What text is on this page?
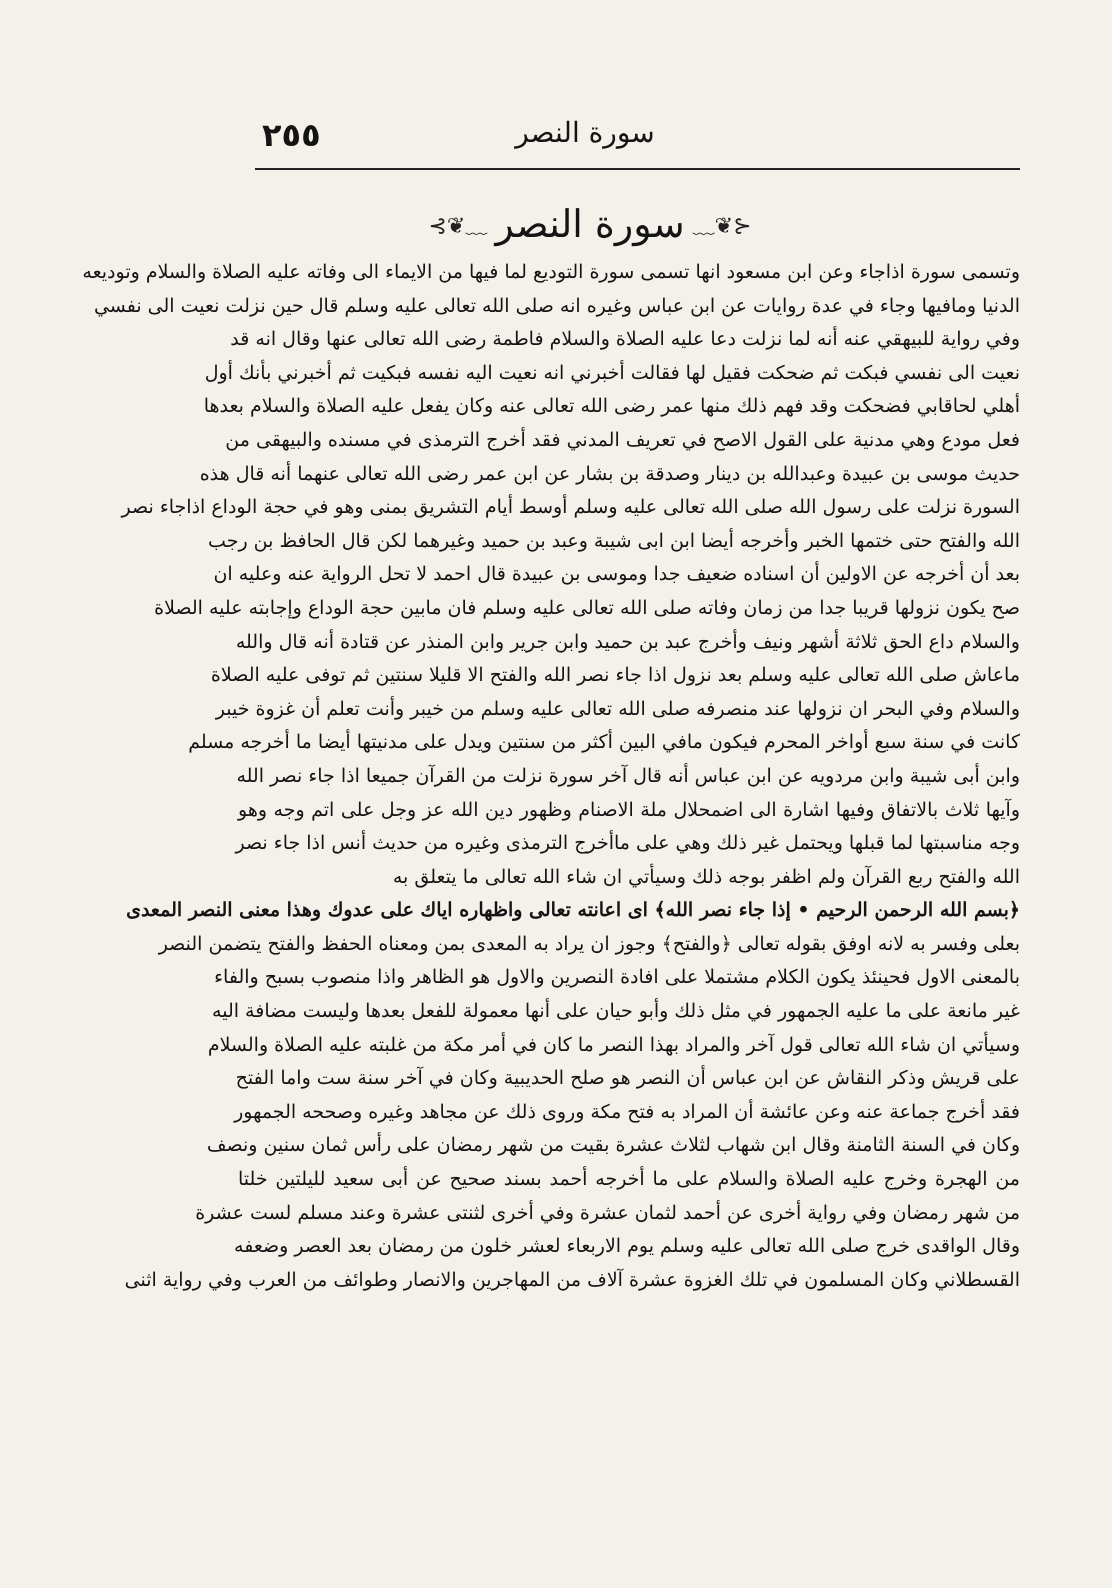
٢٥٥	سورة النصر
⊰❦﹏ سورة النصر ﹏❦⊱
وتسمى سورة اذاجاء وعن ابن مسعود انها تسمى سورة التوديع لما فيها من الايماء الى وفاته عليه الصلاة والسلام وتوديعه
الدنيا ومافيها وجاء في عدة روايات عن ابن عباس وغيره انه صلى الله تعالى عليه وسلم قال حين نزلت نعيت الى نفسي
وفي رواية للبيهقي عنه أنه لما نزلت دعا عليه الصلاة والسلام فاطمة رضى الله تعالى عنها وقال انه قد
نعيت الى نفسي فبكت ثم ضحكت فقيل لها فقالت أخبرني انه نعيت اليه نفسه فبكيت ثم أخبرني بأنك أول
أهلي لحاقابي فضحكت وقد فهم ذلك منها عمر رضى الله تعالى عنه وكان يفعل عليه الصلاة والسلام بعدها
فعل مودع وهي مدنية على القول الاصح في تعريف المدني فقد أخرج الترمذى في مسنده والبيهقى من
حديث موسى بن عبيدة وعبدالله بن دينار وصدقة بن بشار عن ابن عمر رضى الله تعالى عنهما أنه قال هذه
السورة نزلت على رسول الله صلى الله تعالى عليه وسلم أوسط أيام التشريق بمنى وهو في حجة الوداع اذاجاء نصر
الله والفتح حتى ختمها الخبر وأخرجه أيضا ابن ابى شيبة وعبد بن حميد وغيرهما لكن قال الحافظ بن رجب
بعد أن أخرجه عن الاولين أن اسناده ضعيف جدا وموسى بن عبيدة قال احمد لا تحل الرواية عنه وعليه ان
صح يكون نزولها قريبا جدا من زمان وفاته صلى الله تعالى عليه وسلم فان مابين حجة الوداع وإجابته عليه الصلاة
والسلام داع الحق ثلاثة أشهر ونيف وأخرج عبد بن حميد وابن جرير وابن المنذر عن قتادة أنه قال والله
ماعاش صلى الله تعالى عليه وسلم بعد نزول اذا جاء نصر الله والفتح الا قليلا سنتين ثم توفى عليه الصلاة
والسلام وفي البحر ان نزولها عند منصرفه صلى الله تعالى عليه وسلم من خيبر وأنت تعلم أن غزوة خيبر
كانت في سنة سبع أواخر المحرم فيكون مافي البين أكثر من سنتين ويدل على مدنيتها أيضا ما أخرجه مسلم
وابن أبى شيبة وابن مردويه عن ابن عباس أنه قال آخر سورة نزلت من القرآن جميعا اذا جاء نصر الله
وآيها ثلاث بالاتفاق وفيها اشارة الى اضمحلال ملة الاصنام وظهور دين الله عز وجل على اتم وجه وهو
وجه مناسبتها لما قبلها ويحتمل غير ذلك وهي على ماأخرج الترمذى وغيره من حديث أنس اذا جاء نصر
الله والفتح ربع القرآن ولم اظفر بوجه ذلك وسيأتي ان شاء الله تعالى ما يتعلق به
﴿بسم الله الرحمن الرحيم • إذا جاء نصر الله﴾ اى اعانته تعالى واظهاره اياك على عدوك وهذا معنى النصر المعدى
بعلى وفسر به لانه اوفق بقوله تعالى ﴿والفتح﴾ وجوز ان يراد به المعدى بمن ومعناه الحفظ والفتح يتضمن النصر
بالمعنى الاول فحينئذ يكون الكلام مشتملا على افادة النصرين والاول هو الظاهر واذا منصوب بسبح والفاء
غير مانعة على ما عليه الجمهور في مثل ذلك وأبو حيان على أنها معمولة للفعل بعدها وليست مضافة اليه
وسيأتي ان شاء الله تعالى قول آخر والمراد بهذا النصر ما كان في أمر مكة من غلبته عليه الصلاة والسلام
على قريش وذكر النقاش عن ابن عباس أن النصر هو صلح الحديبية وكان في آخر سنة ست واما الفتح
فقد أخرج جماعة عنه وعن عائشة أن المراد به فتح مكة وروى ذلك عن مجاهد وغيره وصححه الجمهور
وكان في السنة الثامنة وقال ابن شهاب لثلاث عشرة بقيت من شهر رمضان على رأس ثمان سنين ونصف
من الهجرة وخرج عليه الصلاة والسلام على ما أخرجه أحمد بسند صحيح عن أبى سعيد لليلتين خلتا
من شهر رمضان وفي رواية أخرى عن أحمد لثمان عشرة وفي أخرى لثنتى عشرة وعند مسلم لست عشرة
وقال الواقدى خرج صلى الله تعالى عليه وسلم يوم الاربعاء لعشر خلون من رمضان بعد العصر وضعفه
القسطلاني وكان المسلمون في تلك الغزوة عشرة آلاف من المهاجرين والانصار وطوائف من العرب وفي رواية اثنى
